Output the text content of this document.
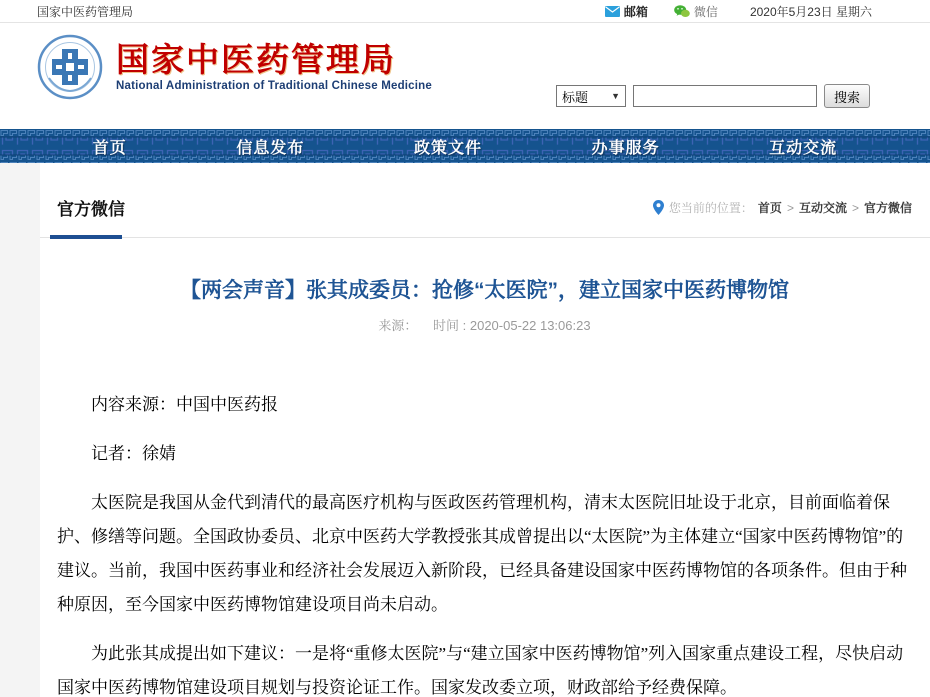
国家中医药管理局	邮箱	微信	2020年5月23日 星期六
国家中医药管理局
National Administration of Traditional Chinese Medicine
标题	▼	搜索
首页	信息发布	政策文件	办事服务	互动交流
官方微信	您当前的位置： 首页 > 互动交流 > 官方微信
【两会声音】张其成委员：抢修“太医院”，建立国家中医药博物馆
来源： 时间 : 2020-05-22 13:06:23

内容来源：中国中医药报

记者：徐婧

太医院是我国从金代到清代的最高医疗机构与医政医药管理机构，清末太医院旧址设于北京，目前面临着保护、修缮等问题。全国政协委员、北京中医药大学教授张其成曾提出以“太医院”为主体建立“国家中医药博物馆”的建议。当前，我国中医药事业和经济社会发展迈入新阶段，已经具备建设国家中医药博物馆的各项条件。但由于种种原因，至今国家中医药博物馆建设项目尚未启动。

为此张其成提出如下建议：一是将“重修太医院”与“建立国家中医药博物馆”列入国家重点建设工程，尽快启动国家中医药博物馆建设项目规划与投资论证工作。国家发改委立项，财政部给予经费保障。
